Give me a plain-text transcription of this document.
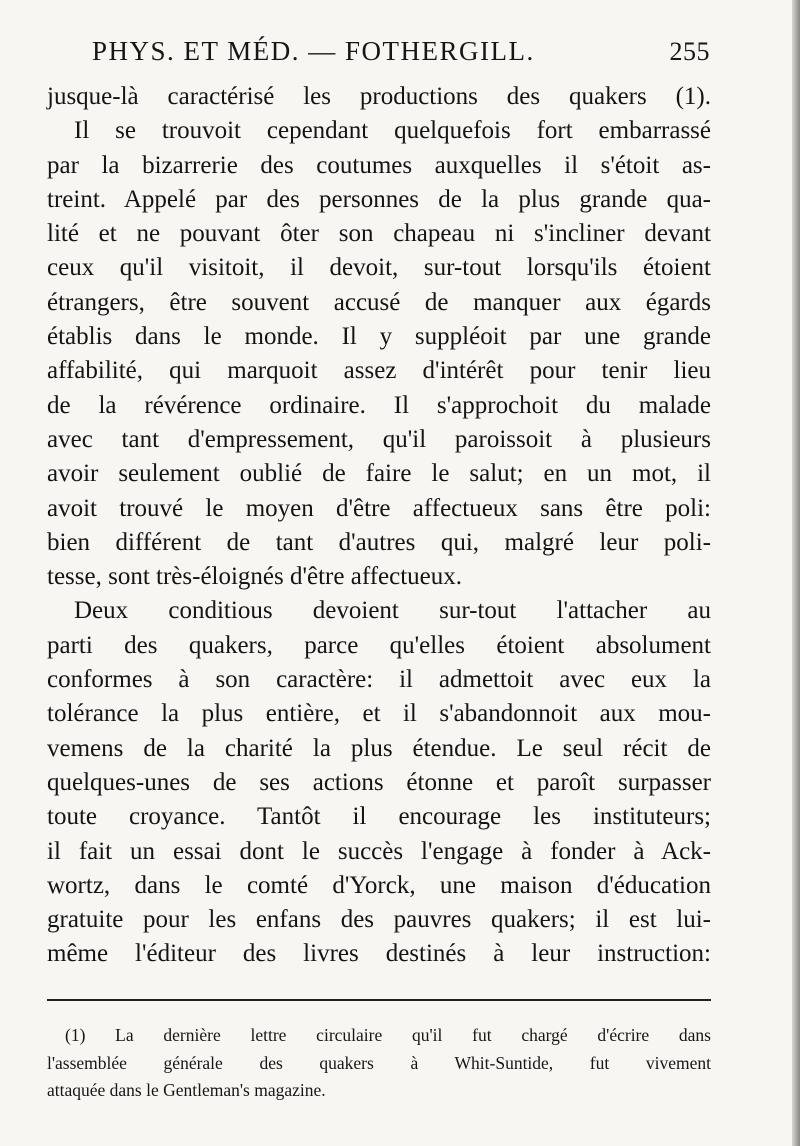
PHYS. ET MÉD. — FOTHERGILL.	255
jusque-là caractérisé les productions des quakers (1).
Il se trouvoit cependant quelquefois fort embarrassé
par la bizarrerie des coutumes auxquelles il s'étoit as-
treint. Appelé par des personnes de la plus grande qua-
lité et ne pouvant ôter son chapeau ni s'incliner devant
ceux qu'il visitoit, il devoit, sur-tout lorsqu'ils étoient
étrangers, être souvent accusé de manquer aux égards
établis dans le monde. Il y suppléoit par une grande
affabilité, qui marquoit assez d'intérêt pour tenir lieu
de la révérence ordinaire. Il s'approchoit du malade
avec tant d'empressement, qu'il paroissoit à plusieurs
avoir seulement oublié de faire le salut; en un mot, il
avoit trouvé le moyen d'être affectueux sans être poli:
bien différent de tant d'autres qui, malgré leur poli-
tesse, sont très-éloignés d'être affectueux.
Deux conditious devoient sur-tout l'attacher au
parti des quakers, parce qu'elles étoient absolument
conformes à son caractère: il admettoit avec eux la
tolérance la plus entière, et il s'abandonnoit aux mou-
vemens de la charité la plus étendue. Le seul récit de
quelques-unes de ses actions étonne et paroît surpasser
toute croyance. Tantôt il encourage les instituteurs;
il fait un essai dont le succès l'engage à fonder à Ack-
wortz, dans le comté d'Yorck, une maison d'éducation
gratuite pour les enfans des pauvres quakers; il est lui-
même l'éditeur des livres destinés à leur instruction:
(1) La dernière lettre circulaire qu'il fut chargé d'écrire dans
l'assemblée générale des quakers à Whit-Suntide, fut vivement
attaquée dans le Gentleman's magazine.
